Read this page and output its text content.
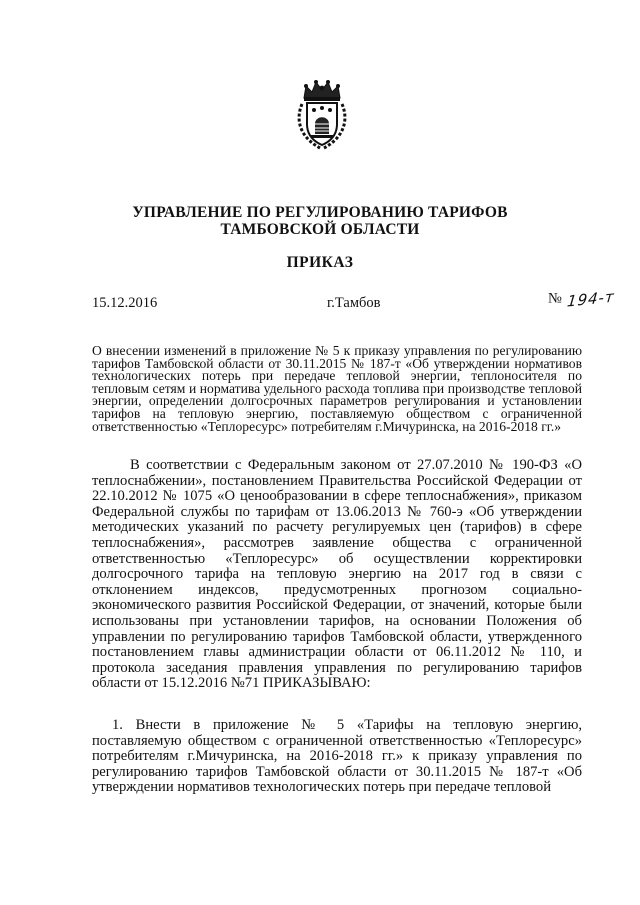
УПРАВЛЕНИЕ ПО РЕГУЛИРОВАНИЮ ТАРИФОВ
ТАМБОВСКОЙ ОБЛАСТИ
ПРИКАЗ
15.12.2016	г.Тамбов	№ 194-т
О внесении изменений в приложение № 5 к приказу управления по регулированию тарифов Тамбовской области от 30.11.2015 № 187-т «Об утверждении нормативов технологических потерь при передаче тепловой энергии, теплоносителя по тепловым сетям и норматива удельного расхода топлива при производстве тепловой энергии, определении долгосрочных параметров регулирования и установлении тарифов на тепловую энергию, поставляемую обществом с ограниченной ответственностью «Теплоресурс» потребителям г.Мичуринска, на 2016-2018 гг.»

В соответствии с Федеральным законом от 27.07.2010 № 190-ФЗ «О теплоснабжении», постановлением Правительства Российской Федерации от 22.10.2012 № 1075 «О ценообразовании в сфере теплоснабжения», приказом Федеральной службы по тарифам от 13.06.2013 № 760-э «Об утверждении методических указаний по расчету регулируемых цен (тарифов) в сфере теплоснабжения», рассмотрев заявление общества с ограниченной ответственностью «Теплоресурс» об осуществлении корректировки долгосрочного тарифа на тепловую энергию на 2017 год в связи с отклонением индексов, предусмотренных прогнозом социально-экономического развития Российской Федерации, от значений, которые были использованы при установлении тарифов, на основании Положения об управлении по регулированию тарифов Тамбовской области, утвержденного постановлением главы администрации области от 06.11.2012 № 110, и протокола заседания правления управления по регулированию тарифов области от 15.12.2016 №71 ПРИКАЗЫВАЮ:

1. Внести в приложение № 5 «Тарифы на тепловую энергию, поставляемую обществом с ограниченной ответственностью «Теплоресурс» потребителям г.Мичуринска, на 2016-2018 гг.» к приказу управления по регулированию тарифов Тамбовской области от 30.11.2015 № 187-т «Об утверждении нормативов технологических потерь при передаче тепловой
